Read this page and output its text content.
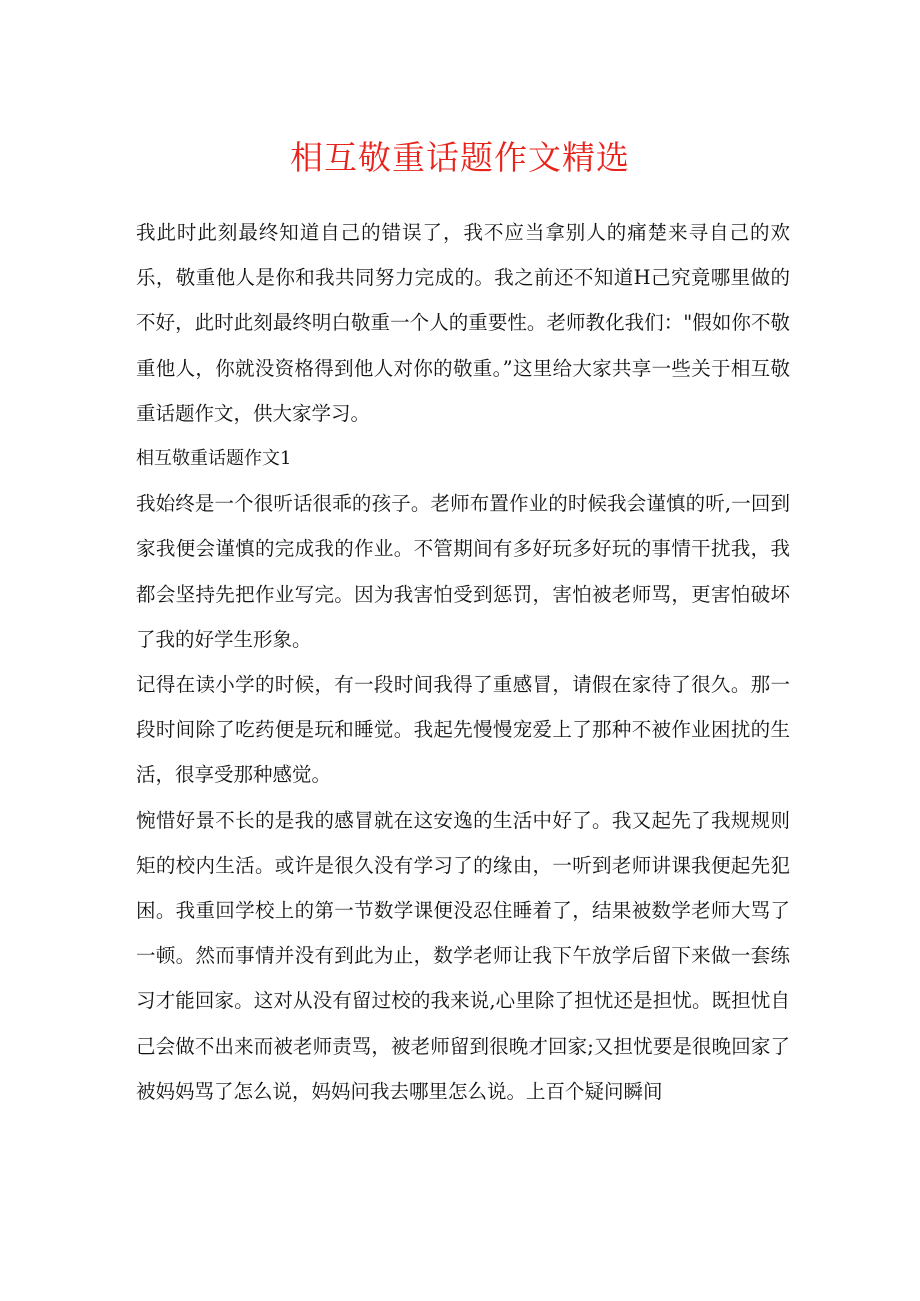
相互敬重话题作文精选

我此时此刻最终知道自己的错误了，我不应当拿别人的痛楚来寻自己的欢乐，敬重他人是你和我共同努力完成的。我之前还不知道H己究竟哪里做的不好，此时此刻最终明白敬重一个人的重要性。老师教化我们："假如你不敬重他人，你就没资格得到他人对你的敬重。”这里给大家共享一些关于相互敬重话题作文，供大家学习。

相互敬重话题作文1

我始终是一个很听话很乖的孩子。老师布置作业的时候我会谨慎的听,一回到家我便会谨慎的完成我的作业。不管期间有多好玩多好玩的事情干扰我，我都会坚持先把作业写完。因为我害怕受到惩罚，害怕被老师骂，更害怕破坏了我的好学生形象。

记得在读小学的时候，有一段时间我得了重感冒，请假在家待了很久。那一段时间除了吃药便是玩和睡觉。我起先慢慢宠爱上了那种不被作业困扰的生活，很享受那种感觉。

惋惜好景不长的是我的感冒就在这安逸的生活中好了。我又起先了我规规则矩的校内生活。或许是很久没有学习了的缘由，一听到老师讲课我便起先犯困。我重回学校上的第一节数学课便没忍住睡着了，结果被数学老师大骂了一顿。然而事情并没有到此为止，数学老师让我下午放学后留下来做一套练习才能回家。这对从没有留过校的我来说,心里除了担忧还是担忧。既担忧自己会做不出来而被老师责骂，被老师留到很晚才回家;又担忧要是很晚回家了被妈妈骂了怎么说，妈妈问我去哪里怎么说。上百个疑问瞬间
